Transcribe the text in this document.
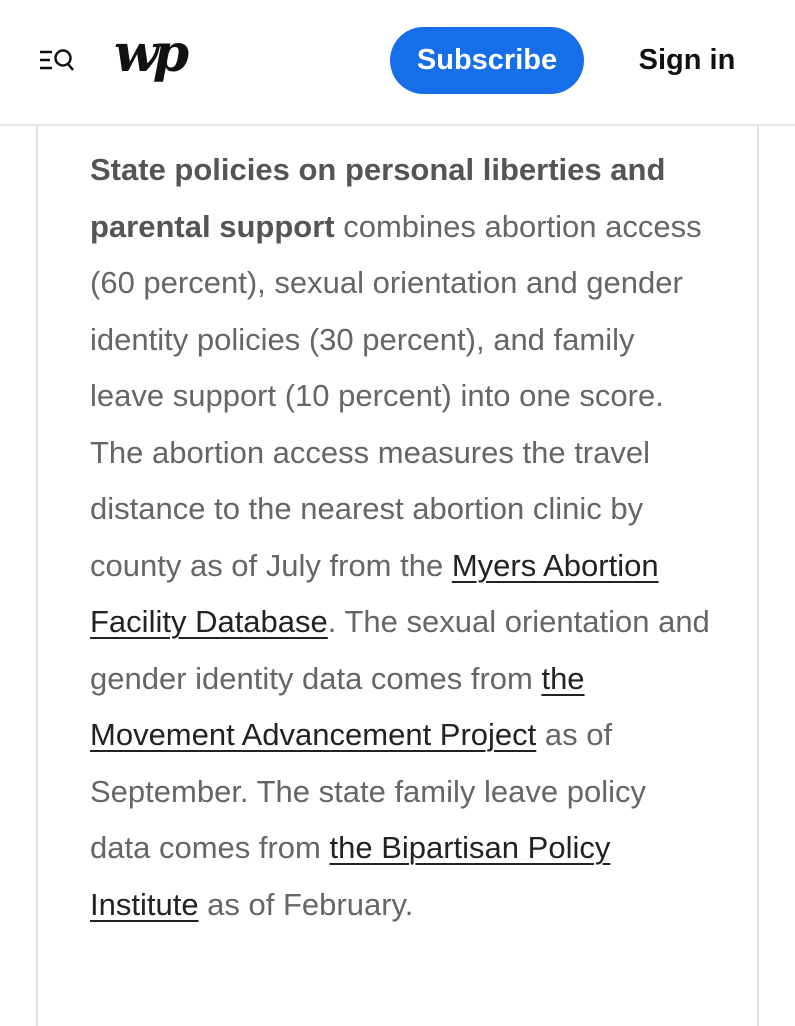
wp	Subscribe	Sign in

State policies on personal liberties and parental support combines abortion access (60 percent), sexual orientation and gender identity policies (30 percent), and family leave support (10 percent) into one score. The abortion access measures the travel distance to the nearest abortion clinic by county as of July from the Myers Abortion Facility Database. The sexual orientation and gender identity data comes from the Movement Advancement Project as of September. The state family leave policy data comes from the Bipartisan Policy Institute as of February.
